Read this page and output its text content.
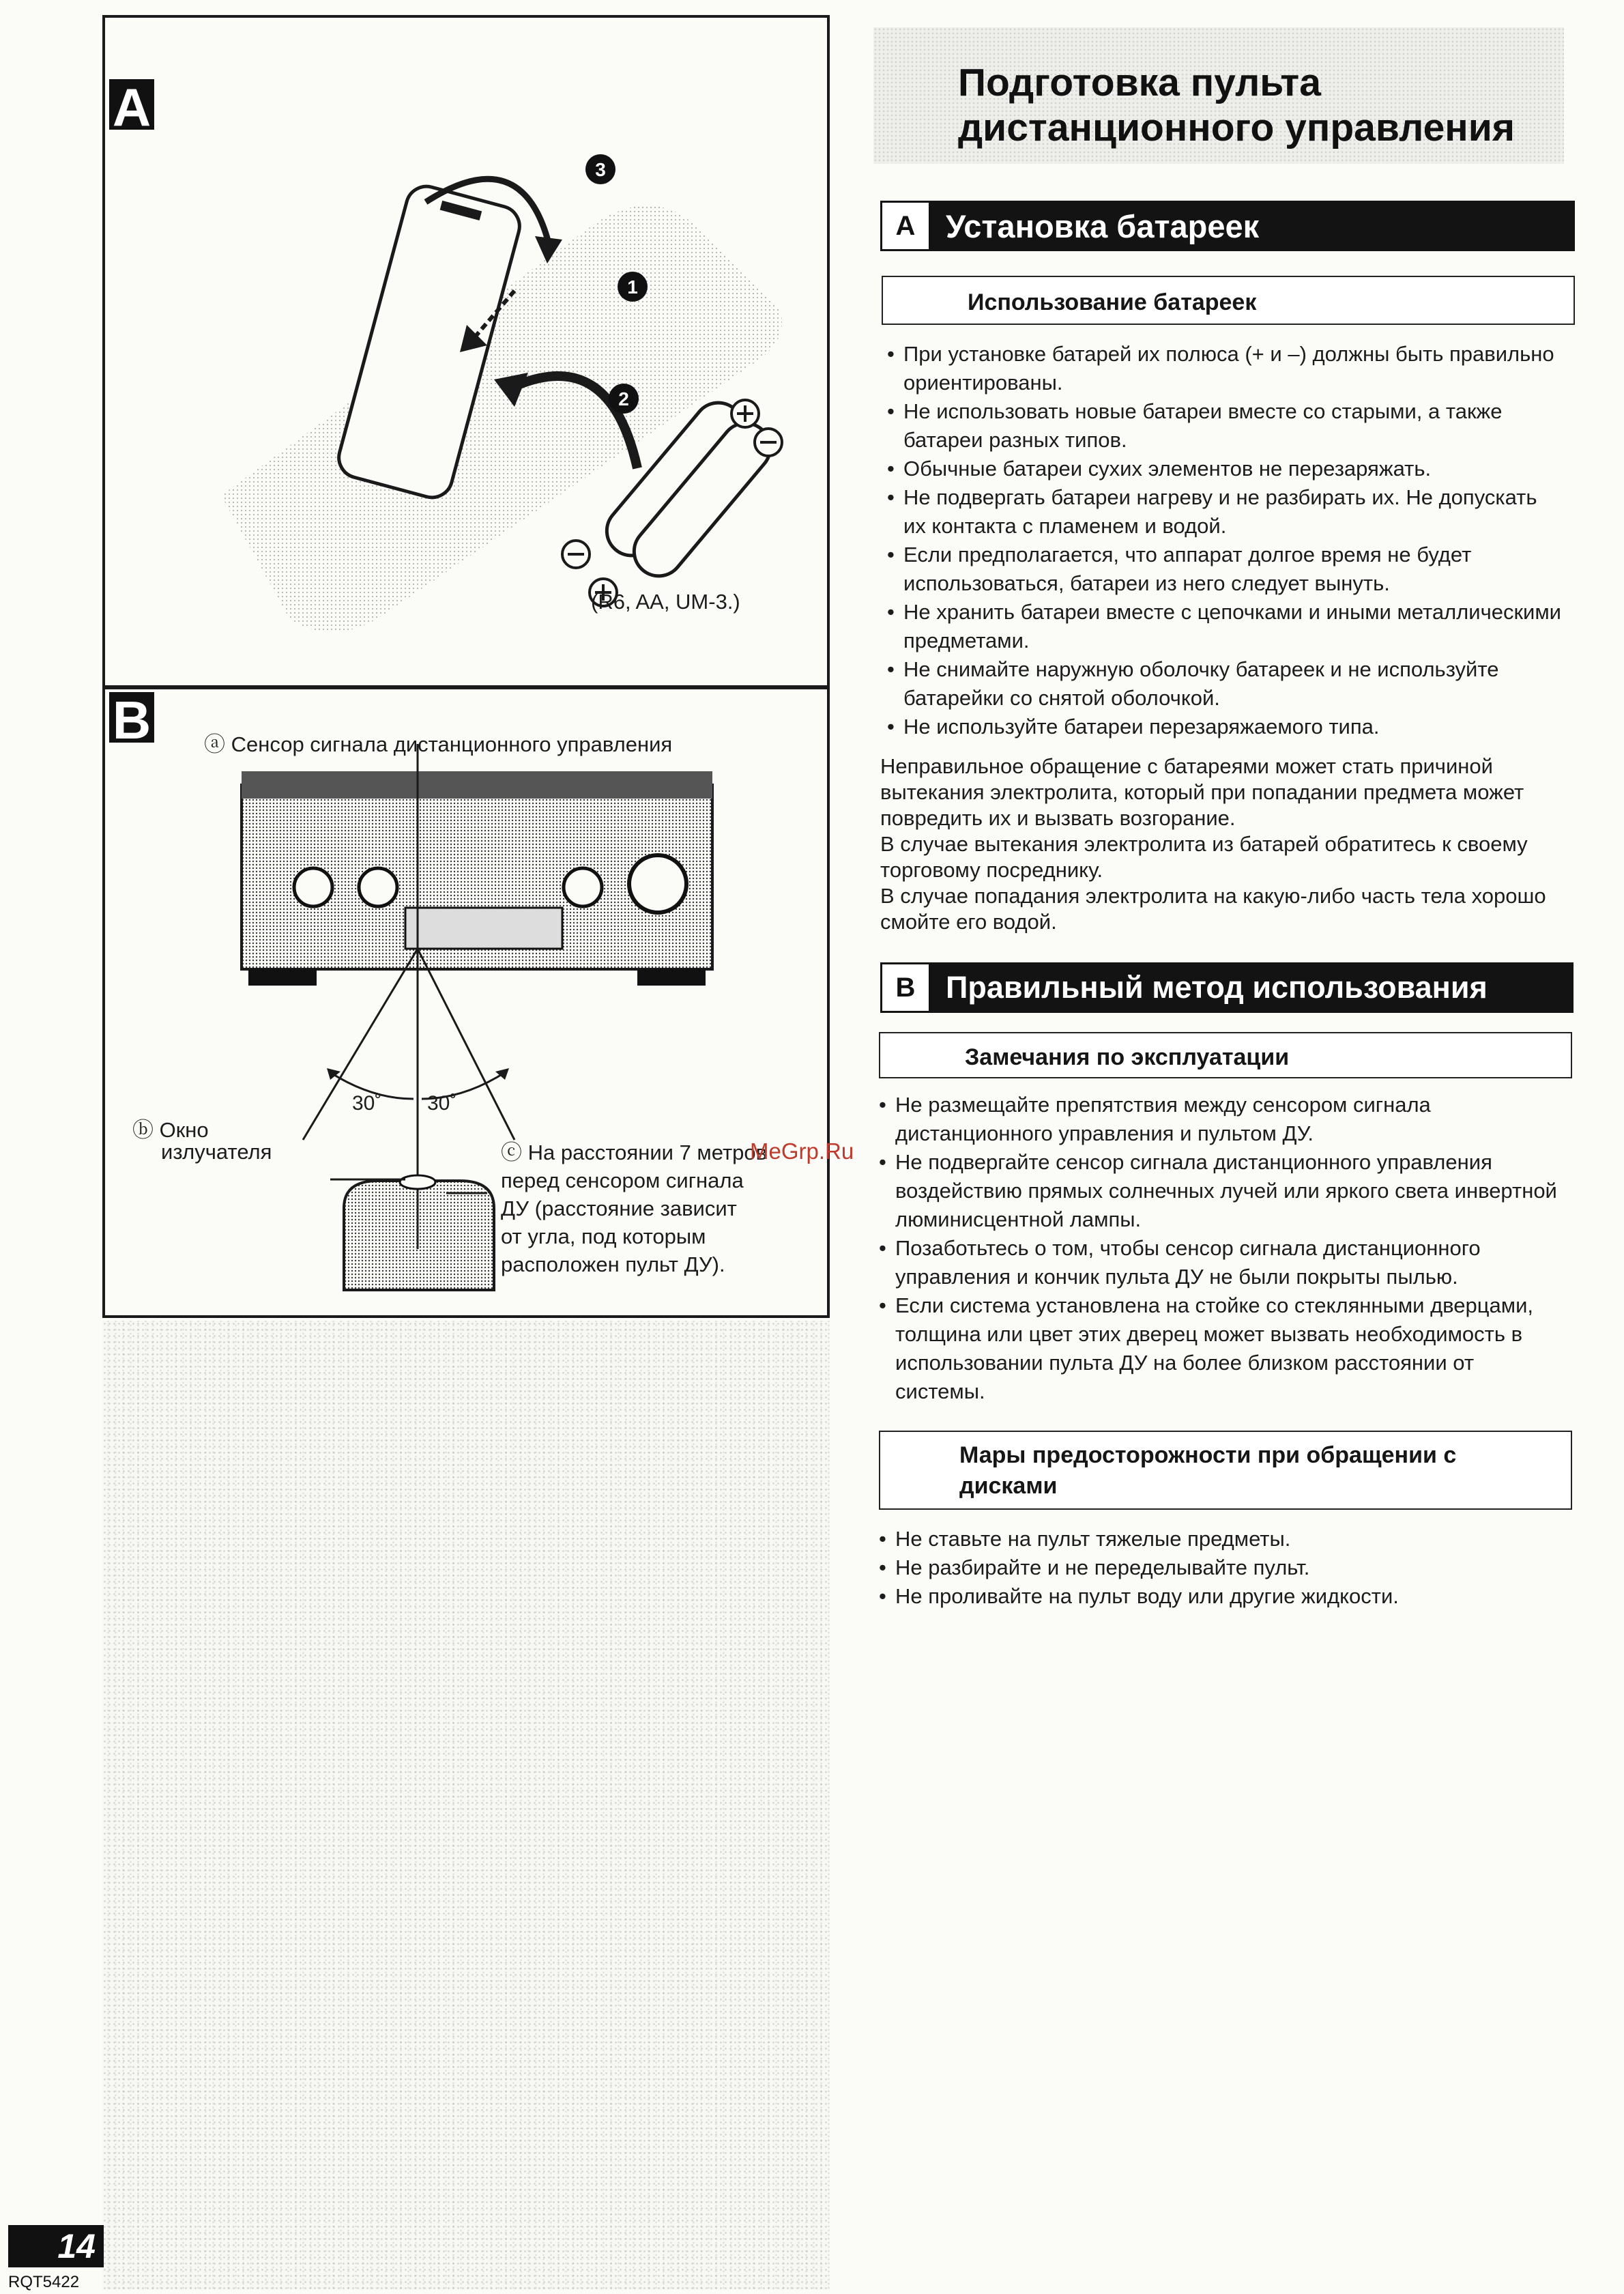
A
3
1
2
(R6, AA, UM-3.)
B	ⓐ Сенсор сигнала дистанционного управления
30˚ 30˚
ⓑ Окно
излучателя	ⓒ На расстоянии 7 метров
перед сенсором сигнала
ДУ (расстояние зависит
от угла, под которым
расположен пульт ДУ).
MeGrp.Ru
Подготовка пульта
дистанционного управления
A Установка батареек
Использование батареек
• При установке батарей их полюса (+ и –) должны быть правильно ориентированы.
• Не использовать новые батареи вместе со старыми, а также батареи разных типов.
• Обычные батареи сухих элементов не перезаряжать.
• Не подвергать батареи нагреву и не разбирать их. Не допускать их контакта с пламенем и водой.
• Если предполагается, что аппарат долгое время не будет использоваться, батареи из него следует вынуть.
• Не хранить батареи вместе с цепочками и иными металлическими предметами.
• Не снимайте наружную оболочку батареек и не используйте батарейки со снятой оболочкой.
• Не используйте батареи перезаряжаемого типа.
Неправильное обращение с батареями может стать причиной вытекания электролита, который при попадании предмета может повредить их и вызвать возгорание.
В случае вытекания электролита из батарей обратитесь к своему торговому посреднику.
В случае попадания электролита на какую-либо часть тела хорошо смойте его водой.
B Правильный метод использования
Замечания по эксплуатации
• Не размещайте препятствия между сенсором сигнала дистанционного управления и пультом ДУ.
• Не подвергайте сенсор сигнала дистанционного управления воздействию прямых солнечных лучей или яркого света инвертной люминисцентной лампы.
• Позаботьтесь о том, чтобы сенсор сигнала дистанционного управления и кончик пульта ДУ не были покрыты пылью.
• Если система установлена на стойке со стеклянными дверцами, толщина или цвет этих дверец может вызвать необходимость в использовании пульта ДУ на более близком расстоянии от системы.
Мары предосторожности при обращении с дисками
• Не ставьте на пульт тяжелые предметы.
• Не разбирайте и не переделывайте пульт.
• Не проливайте на пульт воду или другие жидкости.
14
RQT5422
